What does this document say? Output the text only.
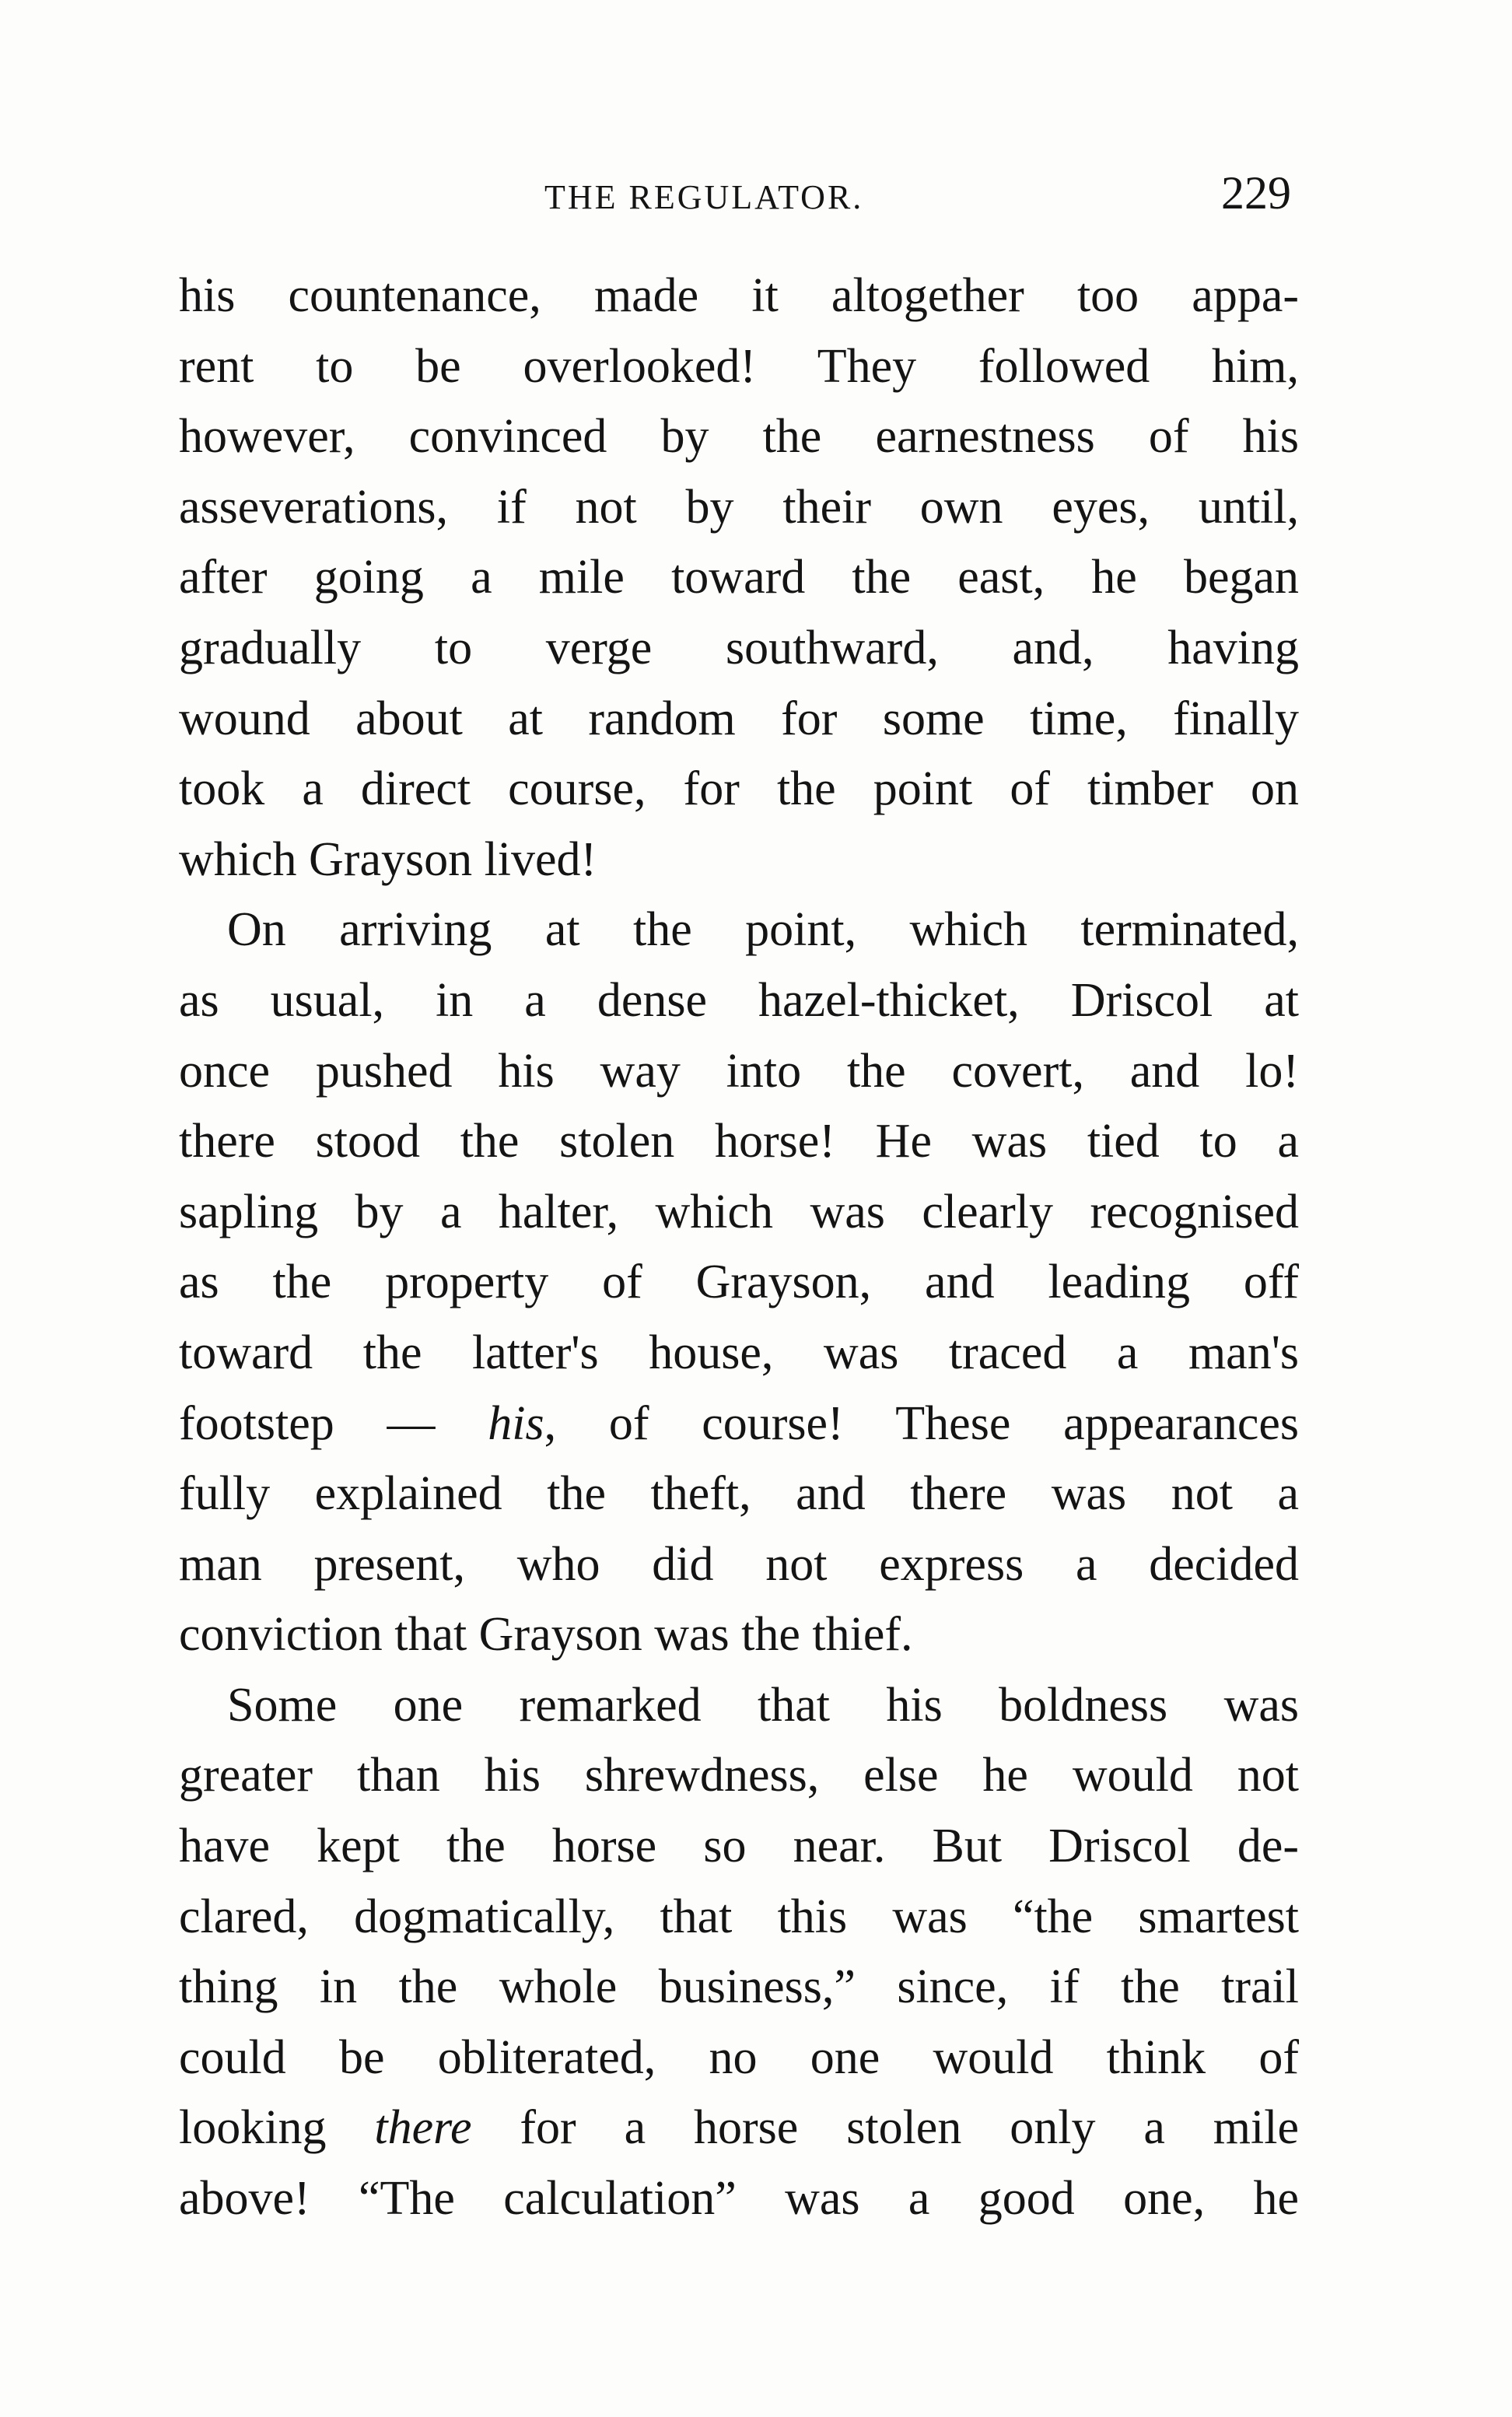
THE REGULATOR.	229
his countenance, made it altogether too appa-
rent to be overlooked! They followed him,
however, convinced by the earnestness of his
asseverations, if not by their own eyes, until,
after going a mile toward the east, he began
gradually to verge southward, and, having
wound about at random for some time, finally
took a direct course, for the point of timber on
which Grayson lived!
On arriving at the point, which terminated,
as usual, in a dense hazel-thicket, Driscol at
once pushed his way into the covert, and lo!
there stood the stolen horse! He was tied to a
sapling by a halter, which was clearly recognised
as the property of Grayson, and leading off
toward the latter's house, was traced a man's
footstep — his, of course! These appearances
fully explained the theft, and there was not a
man present, who did not express a decided
conviction that Grayson was the thief.
Some one remarked that his boldness was
greater than his shrewdness, else he would not
have kept the horse so near. But Driscol de-
clared, dogmatically, that this was “the smartest
thing in the whole business,” since, if the trail
could be obliterated, no one would think of
looking there for a horse stolen only a mile
above! “The calculation” was a good one, he
